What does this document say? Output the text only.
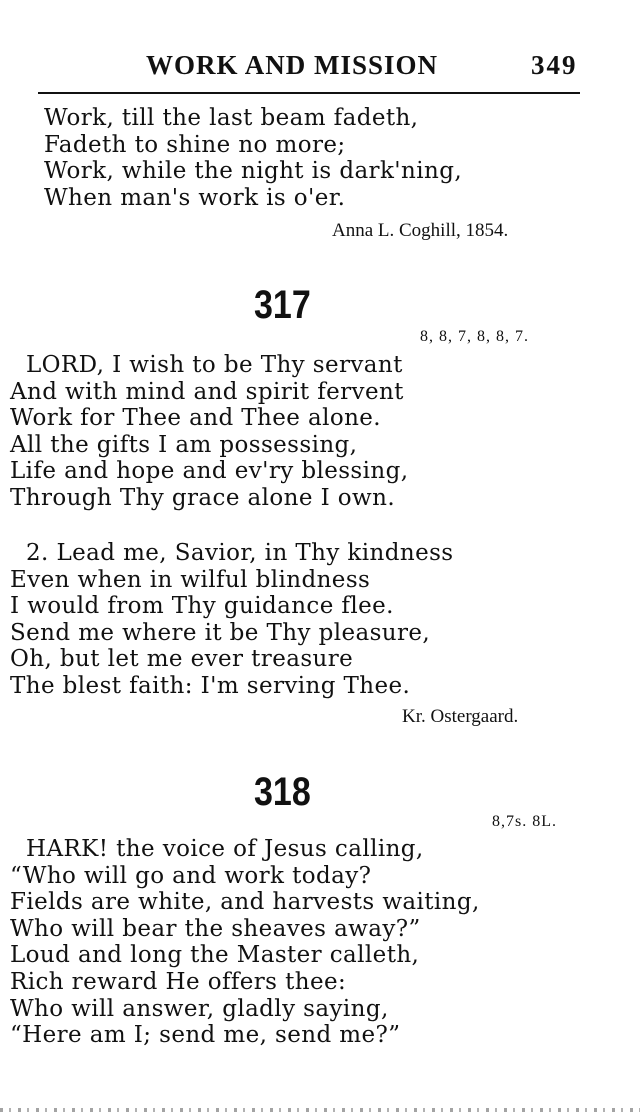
WORK AND MISSION	349
Work, till the last beam fadeth,
Fadeth to shine no more;
Work, while the night is dark'ning,
When man's work is o'er.
Anna L. Coghill, 1854.
317
8, 8, 7, 8, 8, 7.
LORD, I wish to be Thy servant
And with mind and spirit fervent
Work for Thee and Thee alone.
All the gifts I am possessing,
Life and hope and ev'ry blessing,
Through Thy grace alone I own.
2. Lead me, Savior, in Thy kindness
Even when in wilful blindness
I would from Thy guidance flee.
Send me where it be Thy pleasure,
Oh, but let me ever treasure
The blest faith: I'm serving Thee.
Kr. Ostergaard.
318
8,7s. 8L.
HARK! the voice of Jesus calling,
“Who will go and work today?
Fields are white, and harvests waiting,
Who will bear the sheaves away?”
Loud and long the Master calleth,
Rich reward He offers thee:
Who will answer, gladly saying,
“Here am I; send me, send me?”
